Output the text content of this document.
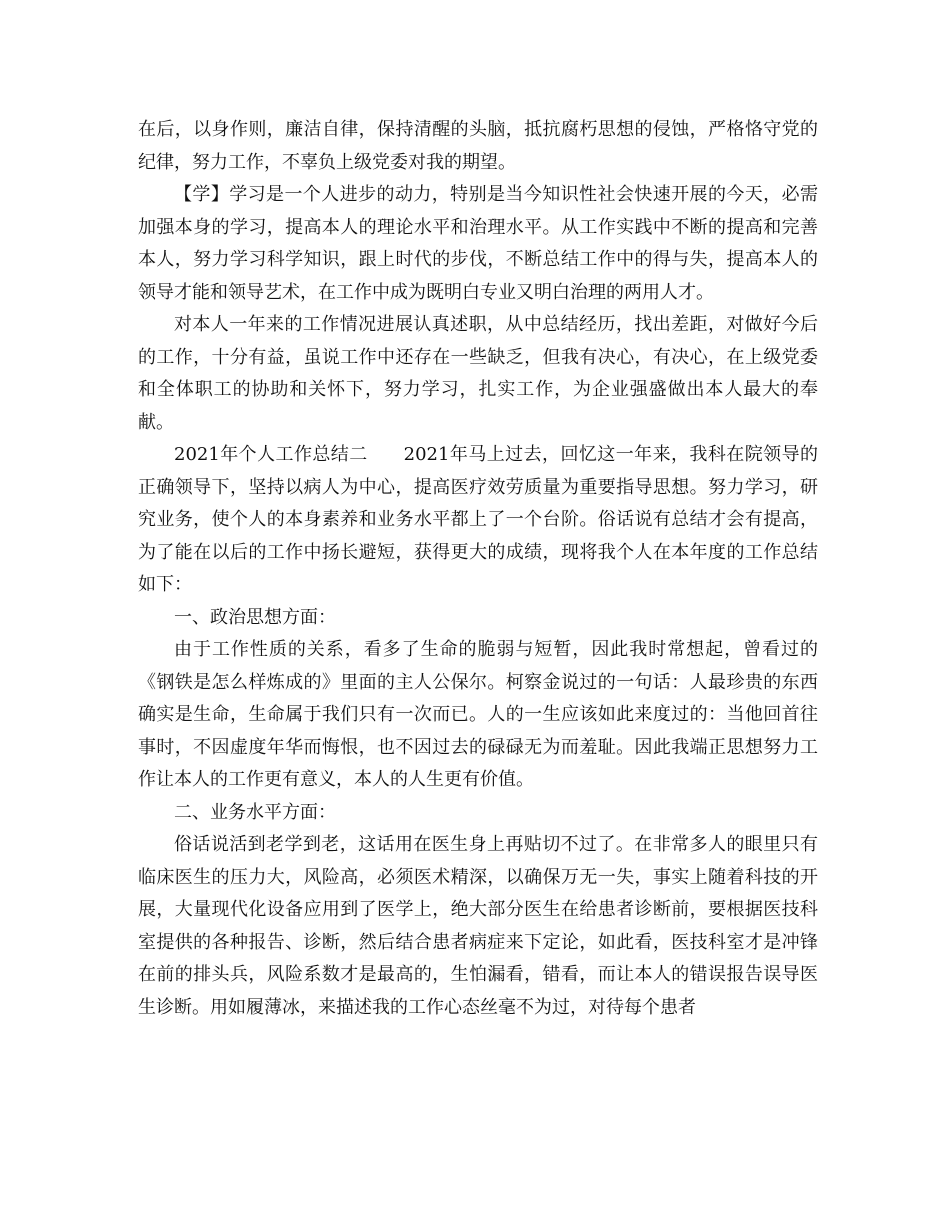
在后，以身作则，廉洁自律，保持清醒的头脑，抵抗腐朽思想的侵蚀，严格恪守党的纪律，努力工作，不辜负上级党委对我的期望。

【学】学习是一个人进步的动力，特别是当今知识性社会快速开展的今天，必需加强本身的学习，提高本人的理论水平和治理水平。从工作实践中不断的提高和完善本人，努力学习科学知识，跟上时代的步伐，不断总结工作中的得与失，提高本人的领导才能和领导艺术，在工作中成为既明白专业又明白治理的两用人才。

对本人一年来的工作情况进展认真述职，从中总结经历，找出差距，对做好今后的工作，十分有益，虽说工作中还存在一些缺乏，但我有决心，有决心，在上级党委和全体职工的协助和关怀下，努力学习，扎实工作，为企业强盛做出本人最大的奉献。

2021年个人工作总结二 2021年马上过去，回忆这一年来，我科在院领导的正确领导下，坚持以病人为中心，提高医疗效劳质量为重要指导思想。努力学习，研究业务，使个人的本身素养和业务水平都上了一个台阶。俗话说有总结才会有提高，为了能在以后的工作中扬长避短，获得更大的成绩，现将我个人在本年度的工作总结如下：

一、政治思想方面：

由于工作性质的关系，看多了生命的脆弱与短暂，因此我时常想起，曾看过的《钢铁是怎么样炼成的》里面的主人公保尔。柯察金说过的一句话：人最珍贵的东西确实是生命，生命属于我们只有一次而已。人的一生应该如此来度过的：当他回首往事时，不因虚度年华而悔恨，也不因过去的碌碌无为而羞耻。因此我端正思想努力工作让本人的工作更有意义，本人的人生更有价值。

二、业务水平方面：

俗话说活到老学到老，这话用在医生身上再贴切不过了。在非常多人的眼里只有临床医生的压力大，风险高，必须医术精深，以确保万无一失，事实上随着科技的开展，大量现代化设备应用到了医学上，绝大部分医生在给患者诊断前，要根据医技科室提供的各种报告、诊断，然后结合患者病症来下定论，如此看，医技科室才是冲锋在前的排头兵，风险系数才是最高的，生怕漏看，错看，而让本人的错误报告误导医生诊断。用如履薄冰，来描述我的工作心态丝毫不为过，对待每个患者
